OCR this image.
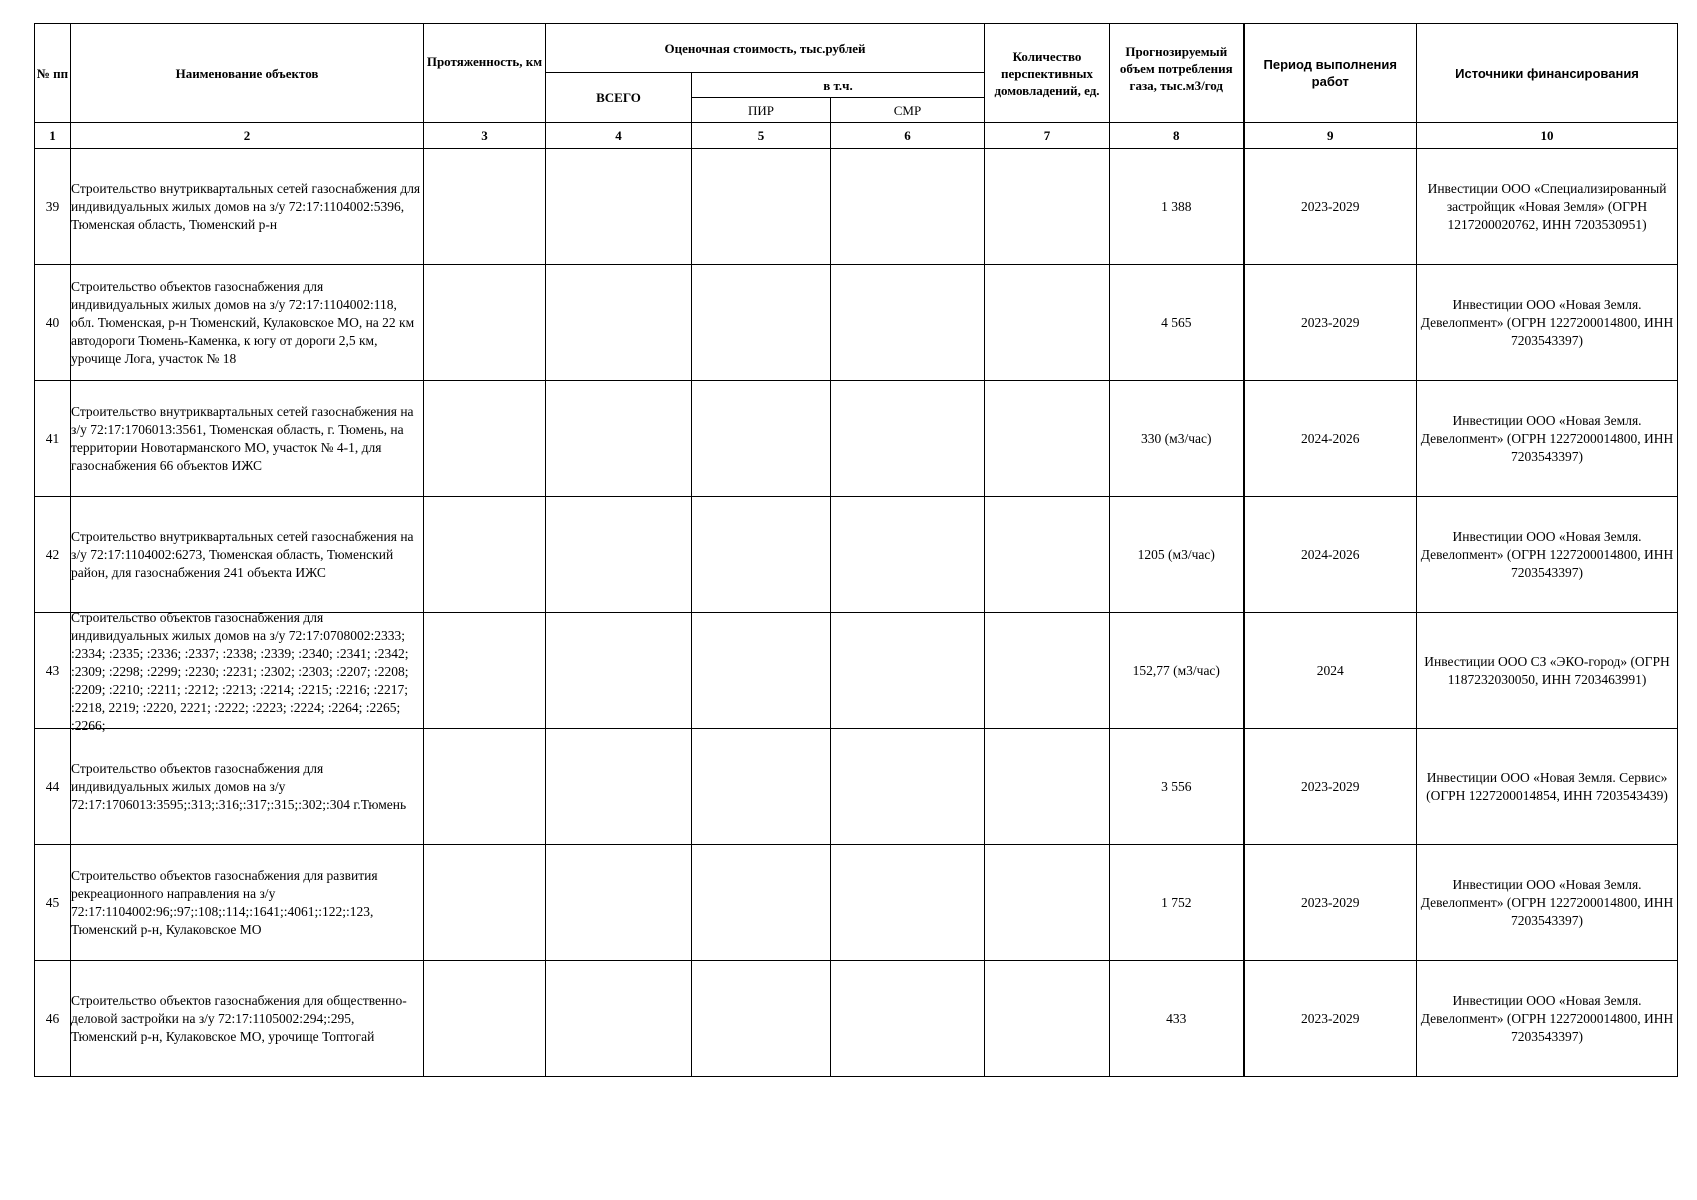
№ пп	Наименование объектов	Протяженность, км	Оценочная стоимость, тыс.рублей			Количество перспективных домовладений, ед.	Прогнозируемый объем потребления газа, тыс.м3/год	Период выполнения работ	Источники финансирования
			ВСЕГО	в т.ч.					
				ПИР	СМР				
1	2	3	4	5	6	7	8	9	10
39	Строительство внутриквартальных сетей газоснабжения для индивидуальных жилых домов на з/у 72:17:1104002:5396, Тюменская область, Тюменский р-н						1 388	2023-2029	Инвестиции ООО «Специализированный застройщик «Новая Земля» (ОГРН 1217200020762, ИНН 7203530951)
40	Строительство объектов газоснабжения для индивидуальных жилых домов на з/у 72:17:1104002:118, обл. Тюменская, р-н Тюменский, Кулаковское МО, на 22 км автодороги Тюмень-Каменка, к югу от дороги 2,5 км, урочище Лога, участок № 18						4 565	2023-2029	Инвестиции ООО «Новая Земля. Девелопмент» (ОГРН 1227200014800, ИНН 7203543397)
41	Строительство внутриквартальных сетей газоснабжения на з/у 72:17:1706013:3561, Тюменская область, г. Тюмень, на территории Новотарманского МО, участок № 4-1, для газоснабжения 66 объектов ИЖС						330 (м3/час)	2024-2026	Инвестиции ООО «Новая Земля. Девелопмент» (ОГРН 1227200014800, ИНН 7203543397)
42	Строительство внутриквартальных сетей газоснабжения на з/у 72:17:1104002:6273, Тюменская область, Тюменский район, для газоснабжения 241 объекта ИЖС						1205 (м3/час)	2024-2026	Инвестиции ООО «Новая Земля. Девелопмент» (ОГРН 1227200014800, ИНН 7203543397)
43	Строительство объектов газоснабжения для индивидуальных жилых домов на з/у 72:17:0708002:2333; :2334; :2335; :2336; :2337; :2338; :2339; :2340; :2341; :2342; :2309; :2298; :2299; :2230; :2231; :2302; :2303; :2207; :2208; :2209; :2210; :2211; :2212; :2213; :2214; :2215; :2216; :2217; :2218, 2219; :2220, 2221; :2222; :2223; :2224; :2264; :2265; :2266;						152,77 (м3/час)	2024	Инвестиции ООО СЗ «ЭКО-город» (ОГРН 1187232030050, ИНН 7203463991)
44	Строительство объектов газоснабжения для индивидуальных жилых домов на з/у 72:17:1706013:3595;:313;:316;:317;:315;:302;:304 г.Тюмень						3 556	2023-2029	Инвестиции ООО «Новая Земля. Сервис» (ОГРН 1227200014854, ИНН 7203543439)
45	Строительство объектов газоснабжения для развития рекреационного направления на з/у 72:17:1104002:96;:97;:108;:114;:1641;:4061;:122;:123, Тюменский р-н, Кулаковское МО						1 752	2023-2029	Инвестиции ООО «Новая Земля. Девелопмент» (ОГРН 1227200014800, ИНН 7203543397)
46	Строительство объектов газоснабжения для общественно-деловой застройки на з/у 72:17:1105002:294;:295, Тюменский р-н, Кулаковское МО, урочище Топтогай						433	2023-2029	Инвестиции ООО «Новая Земля. Девелопмент» (ОГРН 1227200014800, ИНН 7203543397)
